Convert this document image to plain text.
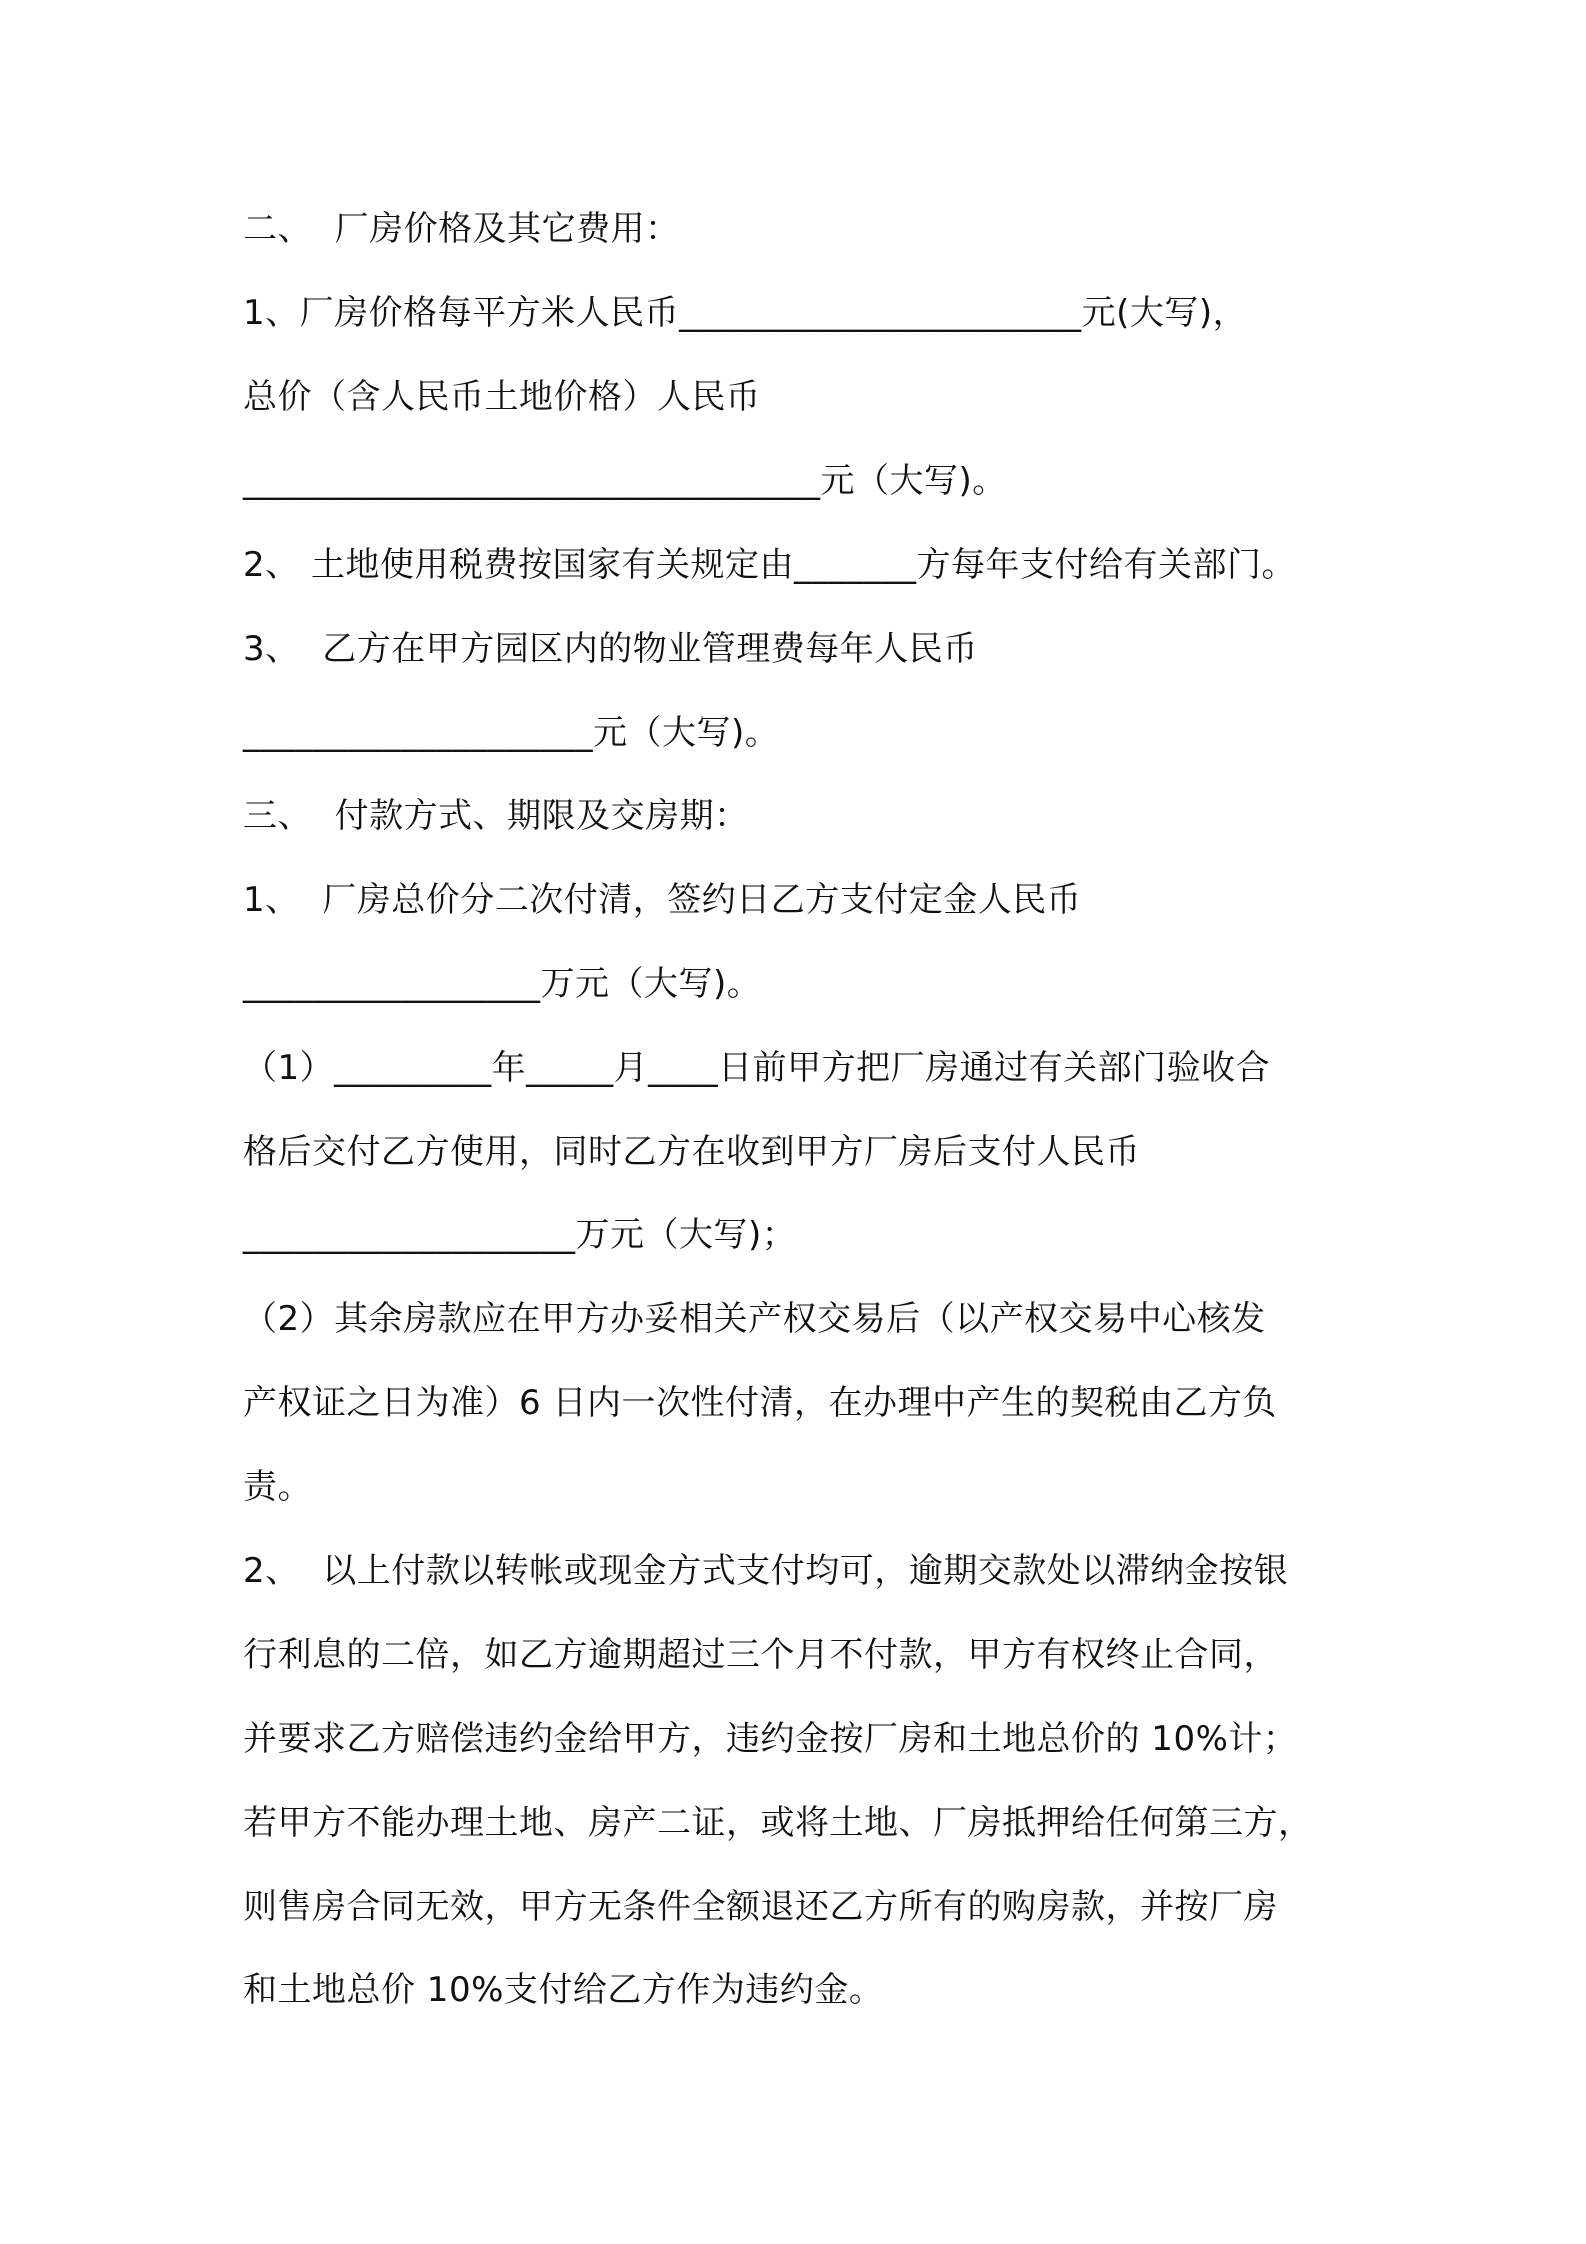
二、  厂房价格及其它费用：
1、厂房价格每平方米人民币_______________________元(大写)，
总价（含人民币土地价格）人民币
_________________________________元（大写)。
2、 土地使用税费按国家有关规定由_______方每年支付给有关部门。
3、  乙方在甲方园区内的物业管理费每年人民币
____________________元（大写)。
三、  付款方式、期限及交房期：
1、  厂房总价分二次付清，签约日乙方支付定金人民币
_________________万元（大写)。
（1）_________年_____月____日前甲方把厂房通过有关部门验收合
格后交付乙方使用，同时乙方在收到甲方厂房后支付人民币
___________________万元（大写)；
（2）其余房款应在甲方办妥相关产权交易后（以产权交易中心核发
产权证之日为准）6 日内一次性付清，在办理中产生的契税由乙方负
责。
2、  以上付款以转帐或现金方式支付均可，逾期交款处以滞纳金按银
行利息的二倍，如乙方逾期超过三个月不付款，甲方有权终止合同，
并要求乙方赔偿违约金给甲方，违约金按厂房和土地总价的 10%计；
若甲方不能办理土地、房产二证，或将土地、厂房抵押给任何第三方，
则售房合同无效，甲方无条件全额退还乙方所有的购房款，并按厂房
和土地总价 10%支付给乙方作为违约金。
